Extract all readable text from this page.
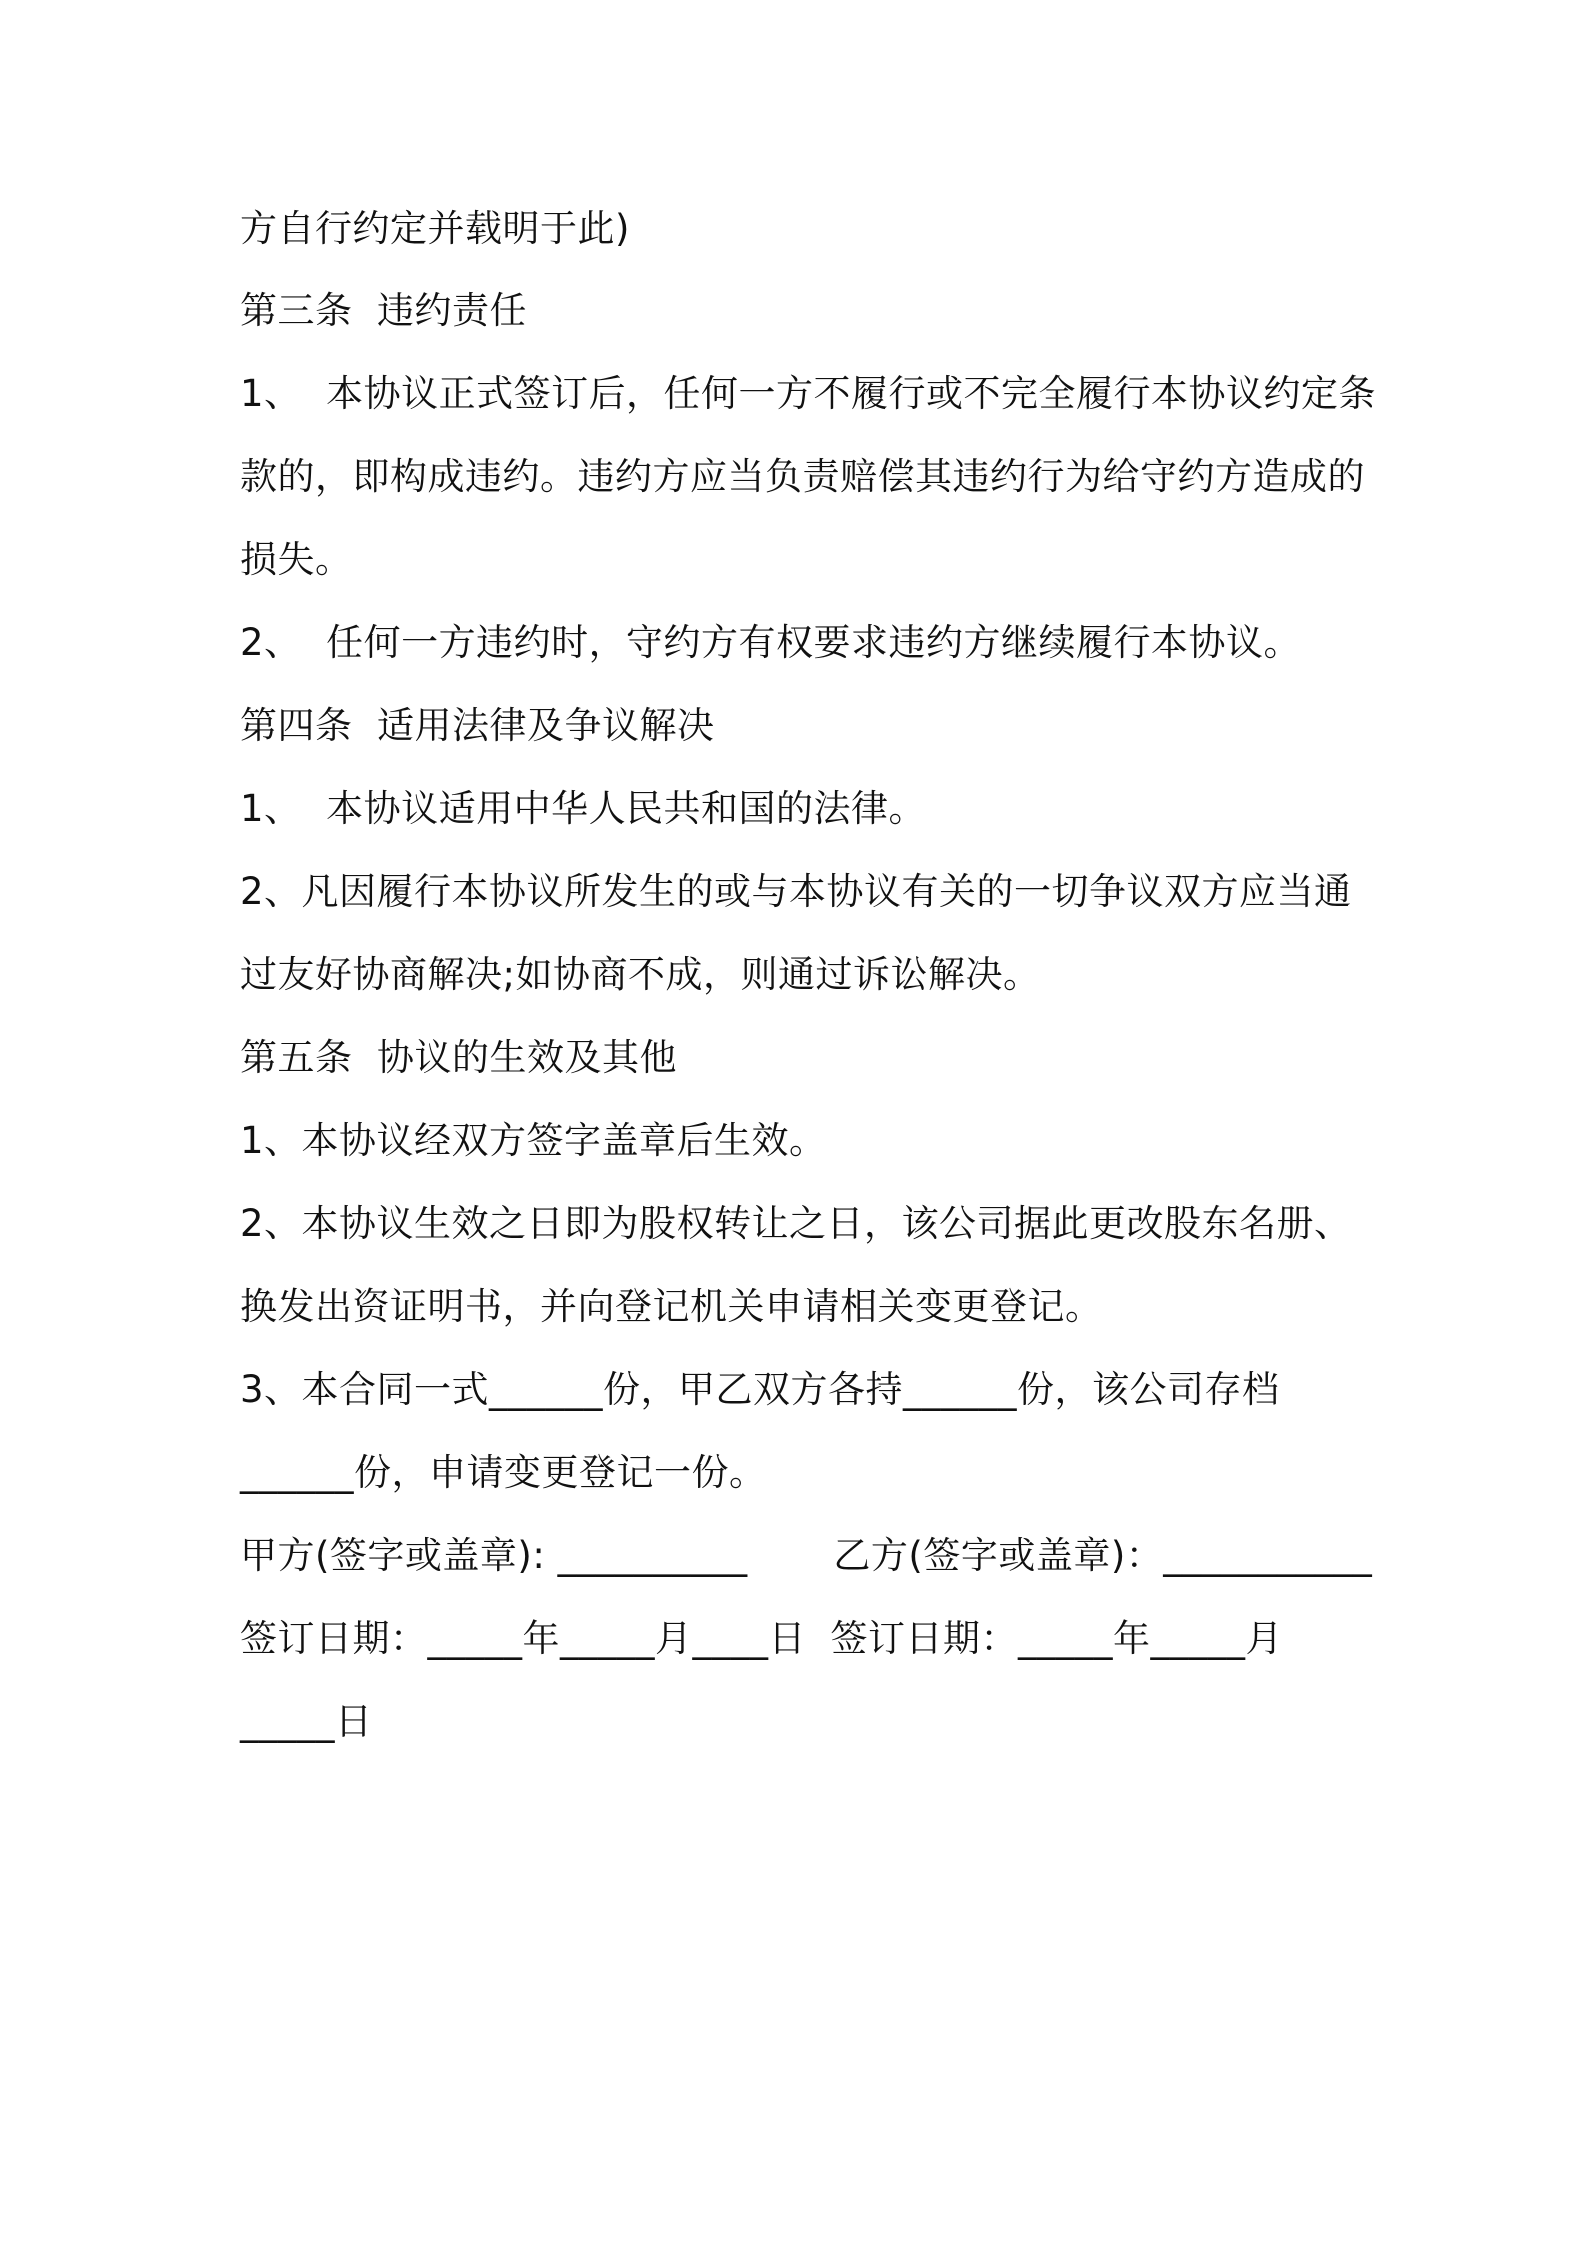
方自行约定并载明于此)
第三条  违约责任
1、  本协议正式签订后，任何一方不履行或不完全履行本协议约定条
款的，即构成违约。违约方应当负责赔偿其违约行为给守约方造成的
损失。
2、  任何一方违约时，守约方有权要求违约方继续履行本协议。
第四条  适用法律及争议解决
1、  本协议适用中华人民共和国的法律。
2、凡因履行本协议所发生的或与本协议有关的一切争议双方应当通
过友好协商解决;如协商不成，则通过诉讼解决。
第五条  协议的生效及其他
1、本协议经双方签字盖章后生效。
2、本协议生效之日即为股权转让之日，该公司据此更改股东名册、
换发出资证明书，并向登记机关申请相关变更登记。
3、本合同一式______份，甲乙双方各持______份，该公司存档
______份，申请变更登记一份。
甲方(签字或盖章): __________       乙方(签字或盖章)：___________
签订日期：_____年_____月____日  签订日期：_____年_____月
_____日
